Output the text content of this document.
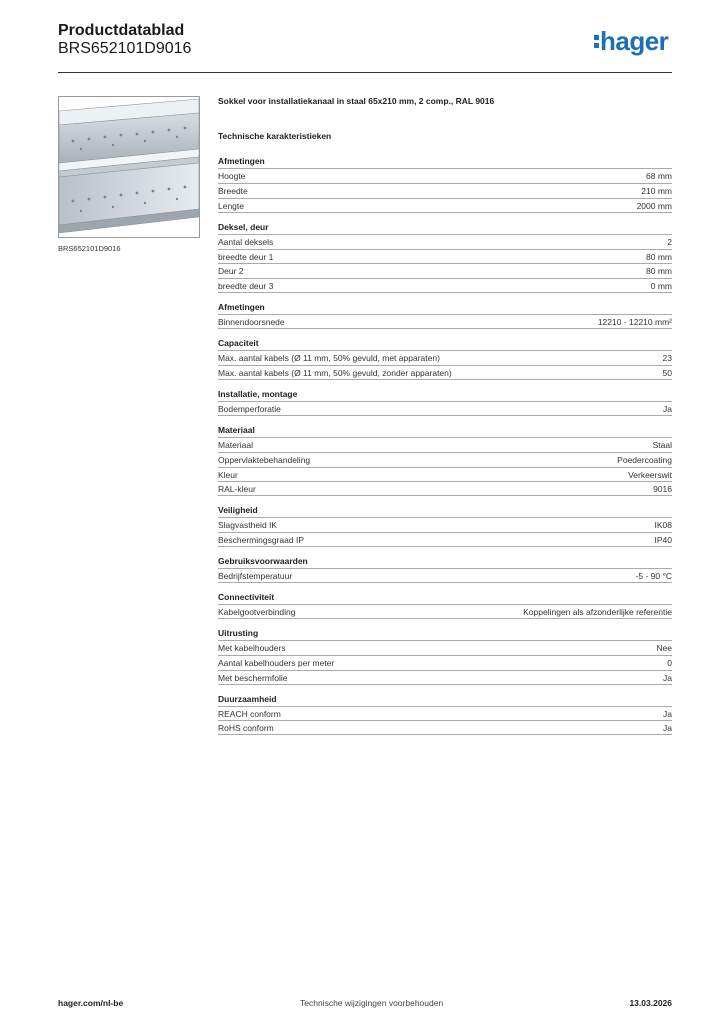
Productdatablad
BRS652101D9016	hager
BRS652101D9016
Sokkel voor installatiekanaal in staal 65x210 mm, 2 comp., RAL 9016
Technische karakteristieken
Afmetingen
Hoogte	68 mm
Breedte	210 mm
Lengte	2000 mm
Deksel, deur
Aantal deksels	2
breedte deur 1	80 mm
Deur 2	80 mm
breedte deur 3	0 mm
Afmetingen
Binnendoorsnede	12210 - 12210 mm²
Capaciteit
Max. aantal kabels (Ø 11 mm, 50% gevuld, met apparaten)	23
Max. aantal kabels (Ø 11 mm, 50% gevuld, zonder apparaten)	50
Installatie, montage
Bodemperforatie	Ja
Materiaal
Materiaal	Staal
Oppervlaktebehandeling	Poedercoating
Kleur	Verkeerswit
RAL-kleur	9016
Veiligheid
Slagvastheid IK	IK08
Beschermingsgraad IP	IP40
Gebruiksvoorwaarden
Bedrijfstemperatuur	-5 - 90 °C
Connectiviteit
Kabelgootverbinding	Koppelingen als afzonderlijke referentie
Uitrusting
Met kabelhouders	Nee
Aantal kabelhouders per meter	0
Met beschermfolie	Ja
Duurzaamheid
REACH conform	Ja
RoHS conform	Ja
hager.com/nl-be	Technische wijzigingen voorbehouden	13.03.2026
